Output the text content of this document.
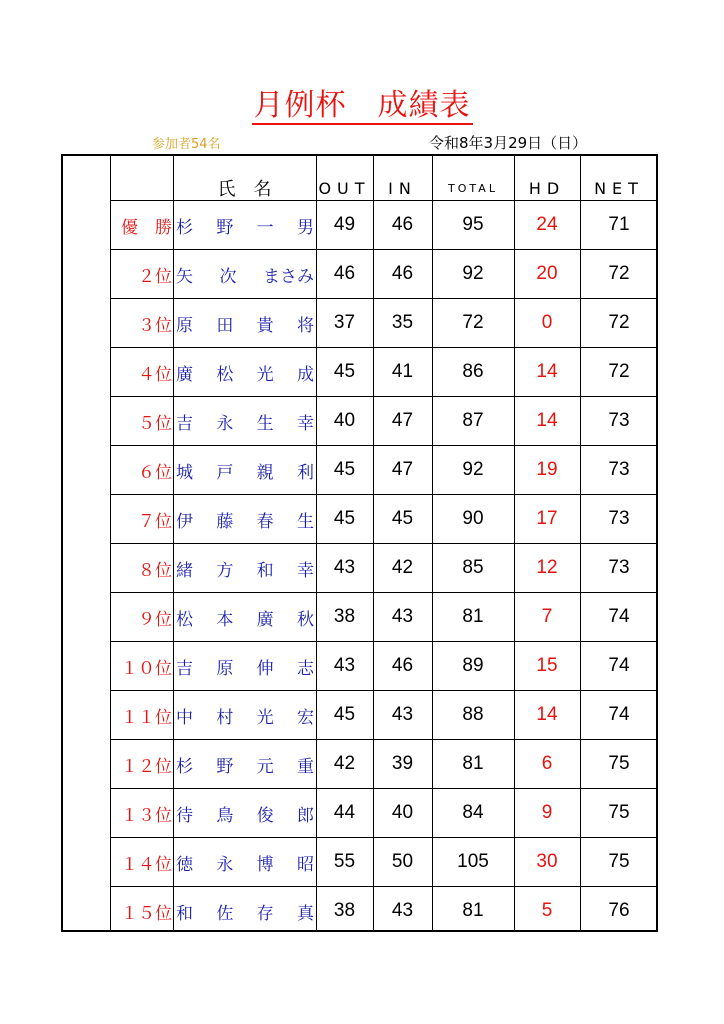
月例杯　 成績表
参加者54名	令和8年3月29日（日）
氏　名	OUT	IN	TOTAL	HD	NET
優　勝 杉 野 一 男	49	46	95	24	71
２位 矢 次 まさみ	46	46	92	20	72
３位 原 田 貴 将	37	35	72	0	72
４位 廣 松 光 成	45	41	86	14	72
５位 吉 永 生 幸	40	47	87	14	73
６位 城 戸 親 利	45	47	92	19	73
７位 伊 藤 春 生	45	45	90	17	73
８位 緒 方 和 幸	43	42	85	12	73
９位 松 本 廣 秋	38	43	81	7	74
１０位 吉 原 伸 志	43	46	89	15	74
１１位 中 村 光 宏	45	43	88	14	74
１２位 杉 野 元 重	42	39	81	6	75
１３位 待 鳥 俊 郎	44	40	84	9	75
１４位 徳 永 博 昭	55	50	105	30	75
１５位 和 佐 存 真	38	43	81	5	76
